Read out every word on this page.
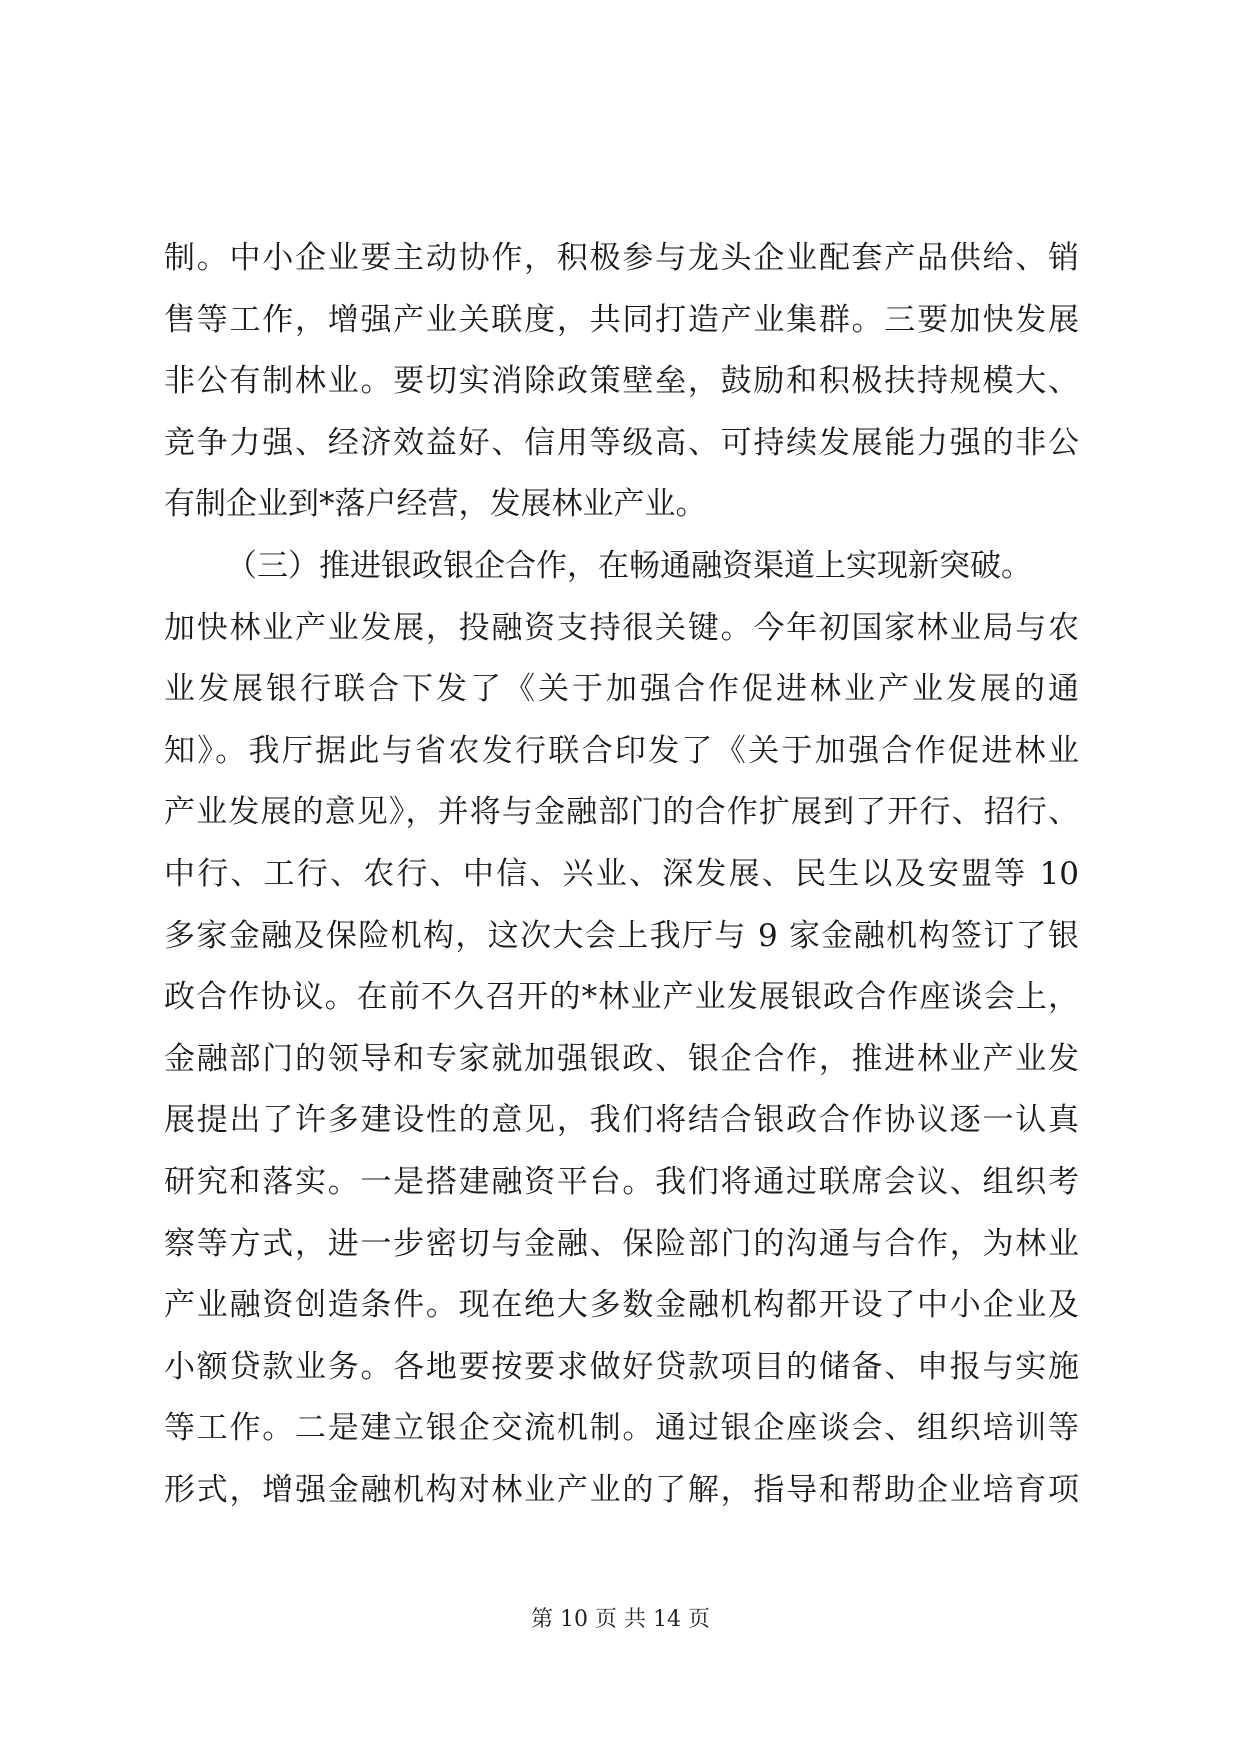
制。中小企业要主动协作，积极参与龙头企业配套产品供给、销
售等工作，增强产业关联度，共同打造产业集群。三要加快发展
非公有制林业。要切实消除政策壁垒，鼓励和积极扶持规模大、
竞争力强、经济效益好、信用等级高、可持续发展能力强的非公
有制企业到*落户经营，发展林业产业。
（三）推进银政银企合作，在畅通融资渠道上实现新突破。
加快林业产业发展，投融资支持很关键。今年初国家林业局与农
业发展银行联合下发了《关于加强合作促进林业产业发展的通
知》。我厅据此与省农发行联合印发了《关于加强合作促进林业
产业发展的意见》，并将与金融部门的合作扩展到了开行、招行、
中行、工行、农行、中信、兴业、深发展、民生以及安盟等 10
多家金融及保险机构，这次大会上我厅与 9 家金融机构签订了银
政合作协议。在前不久召开的*林业产业发展银政合作座谈会上，
金融部门的领导和专家就加强银政、银企合作，推进林业产业发
展提出了许多建设性的意见，我们将结合银政合作协议逐一认真
研究和落实。一是搭建融资平台。我们将通过联席会议、组织考
察等方式，进一步密切与金融、保险部门的沟通与合作，为林业
产业融资创造条件。现在绝大多数金融机构都开设了中小企业及
小额贷款业务。各地要按要求做好贷款项目的储备、申报与实施
等工作。二是建立银企交流机制。通过银企座谈会、组织培训等
形式，增强金融机构对林业产业的了解，指导和帮助企业培育项
第 10 页 共 14 页
